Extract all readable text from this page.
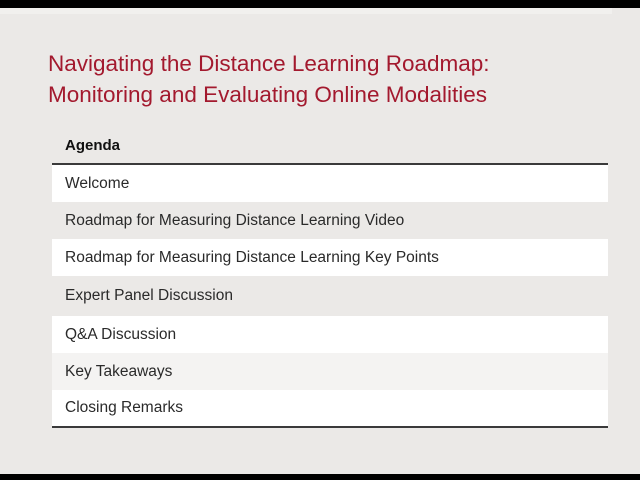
Navigating the Distance Learning Roadmap:
Monitoring and Evaluating Online Modalities
Agenda
Welcome
Roadmap for Measuring Distance Learning Video
Roadmap for Measuring Distance Learning Key Points
Expert Panel Discussion
Q&A Discussion
Key Takeaways
Closing Remarks
